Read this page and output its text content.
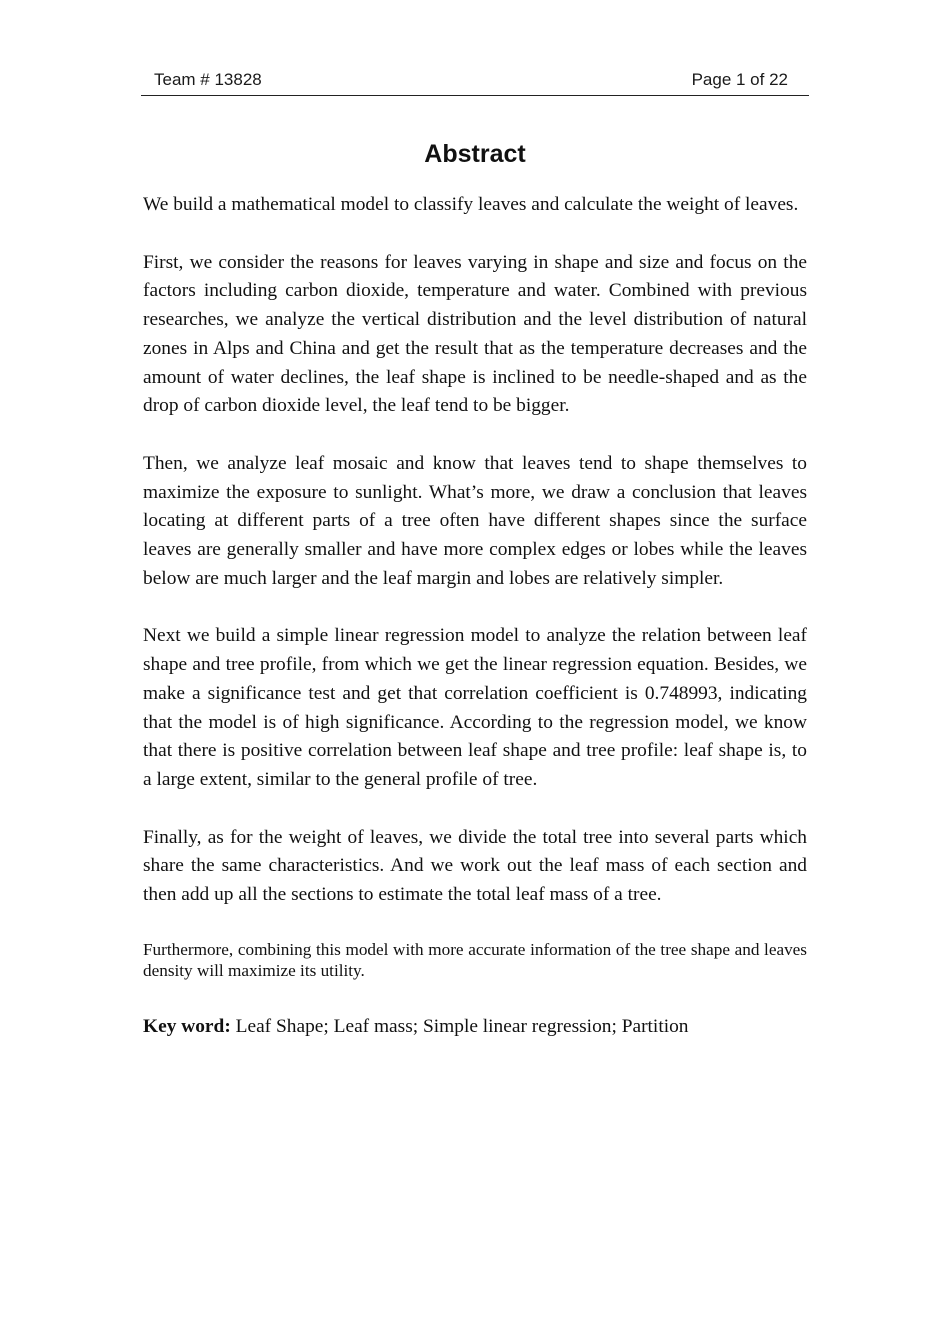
Team # 13828	Page 1 of 22
Abstract

We build a mathematical model to classify leaves and calculate the weight of leaves.

First, we consider the reasons for leaves varying in shape and size and focus on the factors including carbon dioxide, temperature and water. Combined with previous researches, we analyze the vertical distribution and the level distribution of natural zones in Alps and China and get the result that as the temperature decreases and the amount of water declines, the leaf shape is inclined to be needle-shaped and as the drop of carbon dioxide level, the leaf tend to be bigger.

Then, we analyze leaf mosaic and know that leaves tend to shape themselves to maximize the exposure to sunlight. What’s more, we draw a conclusion that leaves locating at different parts of a tree often have different shapes since the surface leaves are generally smaller and have more complex edges or lobes while the leaves below are much larger and the leaf margin and lobes are relatively simpler.

Next we build a simple linear regression model to analyze the relation between leaf shape and tree profile, from which we get the linear regression equation. Besides, we make a significance test and get that correlation coefficient is 0.748993, indicating that the model is of high significance. According to the regression model, we know that there is positive correlation between leaf shape and tree profile: leaf shape is, to a large extent, similar to the general profile of tree.

Finally, as for the weight of leaves, we divide the total tree into several parts which share the same characteristics. And we work out the leaf mass of each section and then add up all the sections to estimate the total leaf mass of a tree.

Furthermore, combining this model with more accurate information of the tree shape and leaves density will maximize its utility.

Key word: Leaf Shape; Leaf mass; Simple linear regression; Partition
